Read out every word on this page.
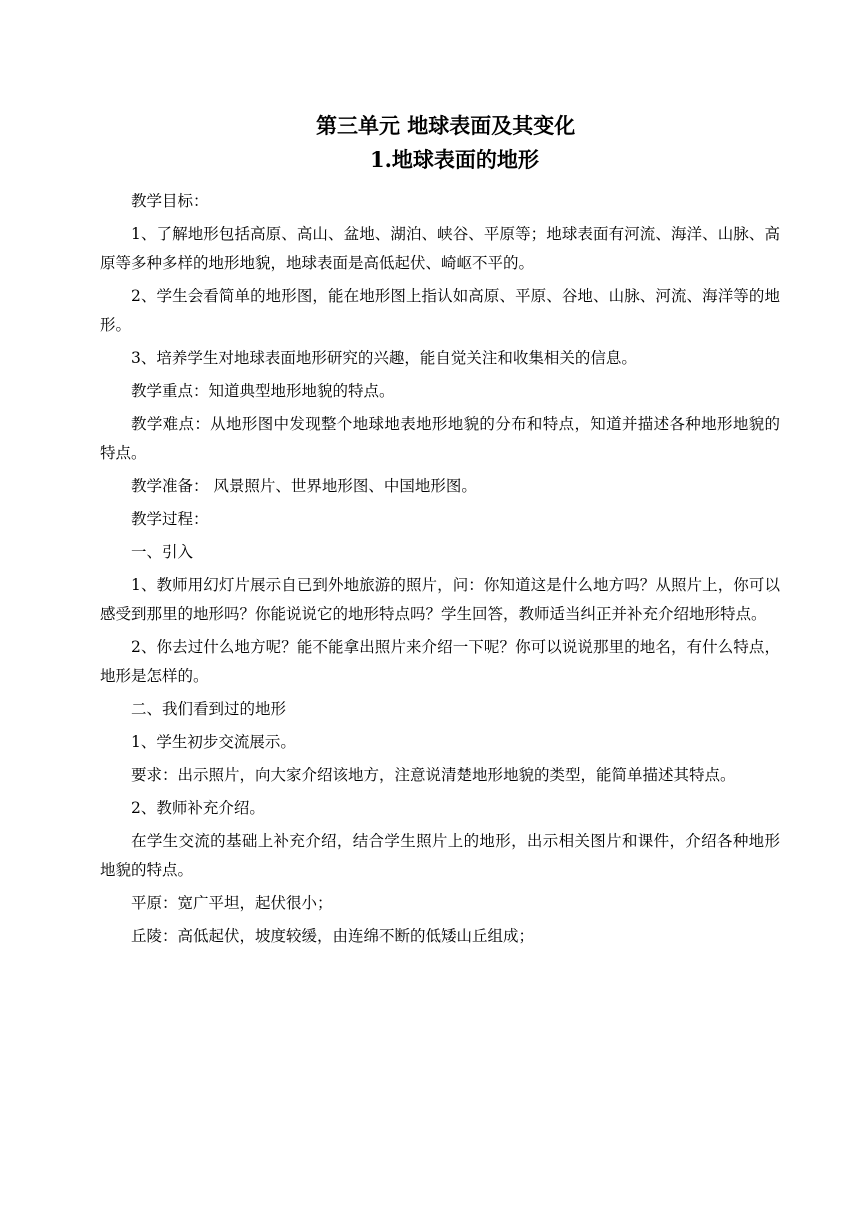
第三单元 地球表面及其变化
1.地球表面的地形

教学目标：

1、了解地形包括高原、高山、盆地、湖泊、峡谷、平原等；地球表面有河流、海洋、山脉、高原等多种多样的地形地貌，地球表面是高低起伏、崎岖不平的。

2、学生会看简单的地形图，能在地形图上指认如高原、平原、谷地、山脉、河流、海洋等的地形。

3、培养学生对地球表面地形研究的兴趣，能自觉关注和收集相关的信息。

教学重点：知道典型地形地貌的特点。

教学难点：从地形图中发现整个地球地表地形地貌的分布和特点，知道并描述各种地形地貌的特点。

教学准备： 风景照片、世界地形图、中国地形图。

教学过程：

一、引入

1、教师用幻灯片展示自已到外地旅游的照片，问：你知道这是什么地方吗？从照片上，你可以感受到那里的地形吗？你能说说它的地形特点吗？学生回答，教师适当纠正并补充介绍地形特点。

2、你去过什么地方呢？能不能拿出照片来介绍一下呢？你可以说说那里的地名，有什么特点，地形是怎样的。

二、我们看到过的地形

1、学生初步交流展示。

要求：出示照片，向大家介绍该地方，注意说清楚地形地貌的类型，能简单描述其特点。

2、教师补充介绍。

在学生交流的基础上补充介绍，结合学生照片上的地形，出示相关图片和课件，介绍各种地形地貌的特点。

平原：宽广平坦，起伏很小；

丘陵：高低起伏，坡度较缓，由连绵不断的低矮山丘组成；
